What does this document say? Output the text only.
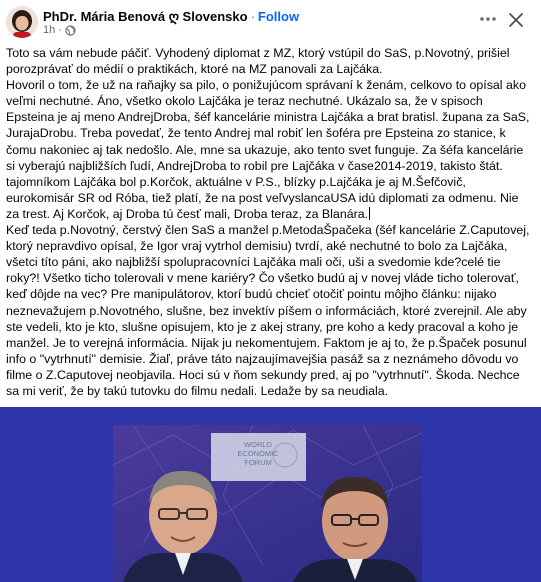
PhDr. Mária Benová ღ Slovensko · Follow
1h ·

Toto sa vám nebude páčiť. Vyhodený diplomat z MZ, ktorý vstúpil do SaS, p.Novotný, prišiel porozprávať do médií o praktikách, ktoré na MZ panovali za Lajčáka.

Hovoril o tom, že už na raňajky sa pilo, o ponižujúcom správaní k ženám, celkovo to opísal ako veľmi nechutné. Áno, všetko okolo Lajčáka je teraz nechutné. Ukázalo sa, že v spisoch Epsteina je aj meno AndrejDroba, šéf kancelárie ministra Lajčáka a brat bratisl. župana za SaS, JurajaDrobu. Treba povedať, že tento Andrej mal robiť len šoféra pre Epsteina zo stanice, k čomu nakoniec aj tak nedošlo. Ale, mne sa ukazuje, ako tento svet funguje. Za šéfa kancelárie si vyberajú najbližších ľudí, AndrejDroba to robil pre Lajčáka v čase2014-2019, takisto štát. tajomníkom Lajčáka bol p.Korčok, aktuálne v P.S., blízky p.Lajčáka je aj M.Šefčovič, eurokomisár SR od Róba, tiež platí, že na post veľvyslancaUSA idú diplomati za odmenu. Nie za trest. Aj Korčok, aj Droba tú česť mali, Droba teraz, za Blanára.

Keď teda p.Novotný, čerstvý člen SaS a manžel p.MetodaŠpačeka (šéf kancelárie Z.Caputovej, ktorý nepravdivo opísal, že Igor vraj vytrhol demisiu) tvrdí, aké nechutné to bolo za Lajčáka, všetci títo páni, ako najbližší spolupracovníci Lajčáka mali oči, uši a svedomie kde?celé tie roky?! Všetko ticho tolerovali v mene kariéry? Čo všetko budú aj v novej vláde ticho tolerovať, keď dôjde na vec? Pre manipulátorov, ktorí budú chcieť otočiť pointu môjho článku: nijako neznevažujem p.Novotného, slušne, bez invektív píšem o informáciách, ktoré zverejnil. Ale aby ste vedeli, kto je kto, slušne opisujem, kto je z akej strany, pre koho a kedy pracoval a koho je manžel. Je to verejná informácia. Nijak ju nekomentujem. Faktom je aj to, že p.Špaček posunul info o "vytrhnutí" demisie. Žiaľ, práve táto najzaujímavejšia pasáž sa z neznámeho dôvodu vo filme o Z.Caputovej neobjavila. Hoci sú v ňom sekundy pred, aj po "vytrhnutí". Škoda. Nechce sa mi veriť, že by takú tutovku do filmu nedali. Ledaže by sa neudiala.

WORLD
ECONOMIC
FORUM
